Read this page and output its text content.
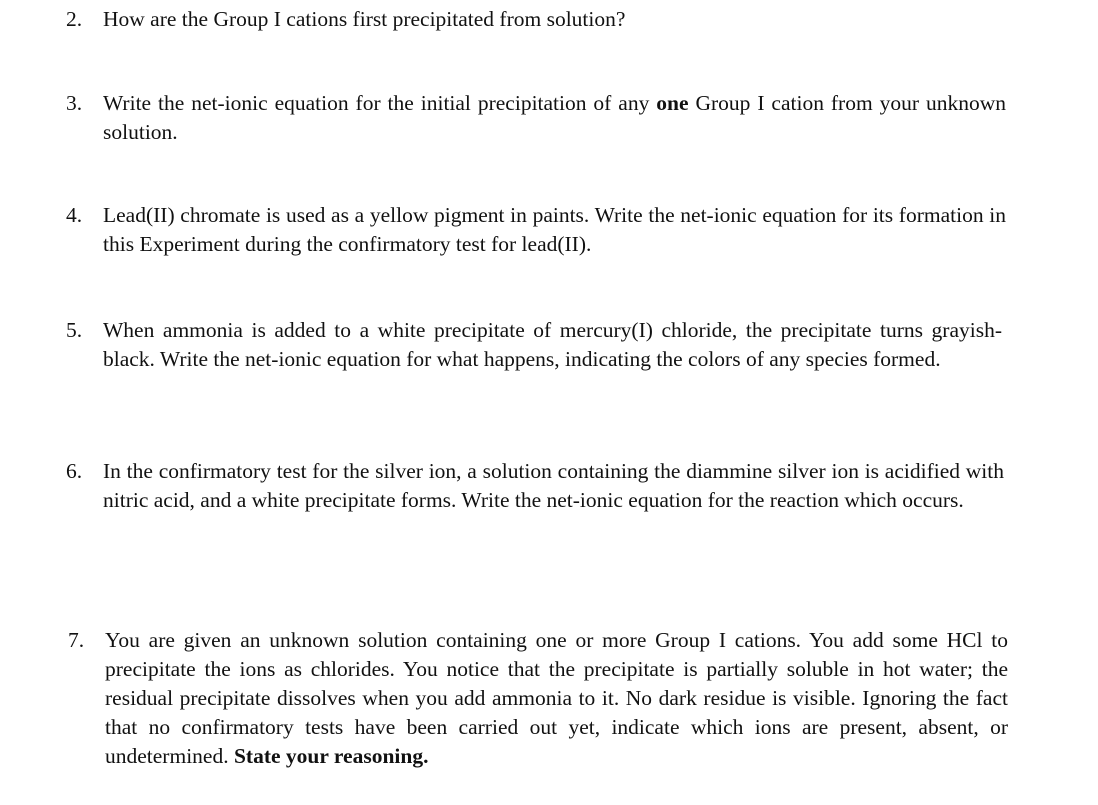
2. How are the Group I cations first precipitated from solution?
3. Write the net-ionic equation for the initial precipitation of any one Group I cation from your unknown solution.
4. Lead(II) chromate is used as a yellow pigment in paints. Write the net-ionic equation for its formation in this Experiment during the confirmatory test for lead(II).
5. When ammonia is added to a white precipitate of mercury(I) chloride, the precipitate turns grayish-black. Write the net-ionic equation for what happens, indicating the colors of any species formed.
6. In the confirmatory test for the silver ion, a solution containing the diammine silver ion is acidified with nitric acid, and a white precipitate forms. Write the net-ionic equation for the reaction which occurs.
7. You are given an unknown solution containing one or more Group I cations. You add some HCl to precipitate the ions as chlorides. You notice that the precipitate is partially soluble in hot water; the residual precipitate dissolves when you add ammonia to it. No dark residue is visible. Ignoring the fact that no confirmatory tests have been carried out yet, indicate which ions are present, absent, or undetermined. State your reasoning.
